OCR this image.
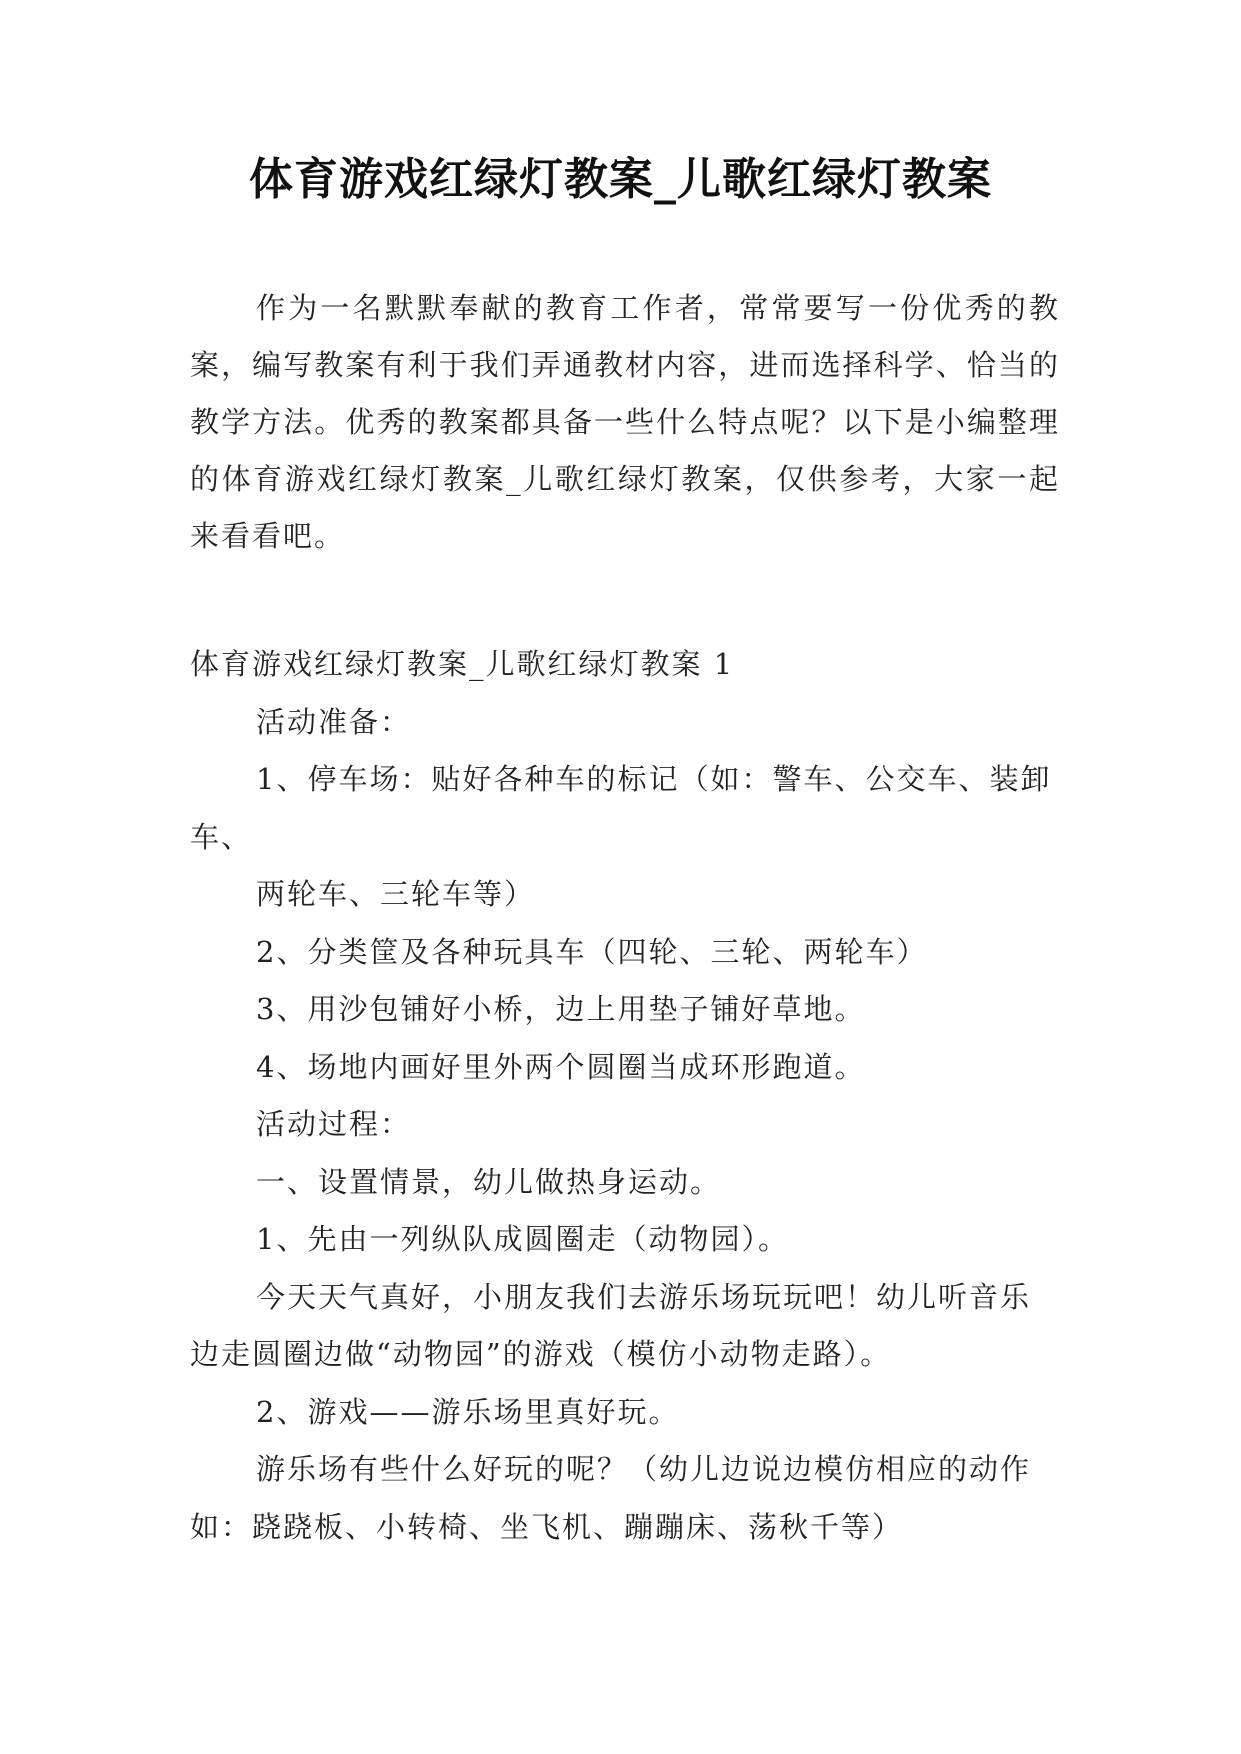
体育游戏红绿灯教案_儿歌红绿灯教案

作为一名默默奉献的教育工作者，常常要写一份优秀的教案，编写教案有利于我们弄通教材内容，进而选择科学、恰当的教学方法。优秀的教案都具备一些什么特点呢？以下是小编整理的体育游戏红绿灯教案_儿歌红绿灯教案，仅供参考，大家一起来看看吧。

体育游戏红绿灯教案_儿歌红绿灯教案 1

活动准备：

1、停车场：贴好各种车的标记（如：警车、公交车、装卸车、

两轮车、三轮车等）

2、分类筐及各种玩具车（四轮、三轮、两轮车）

3、用沙包铺好小桥，边上用垫子铺好草地。

4、场地内画好里外两个圆圈当成环形跑道。

活动过程：

一、设置情景，幼儿做热身运动。

1、先由一列纵队成圆圈走（动物园）。

今天天气真好，小朋友我们去游乐场玩玩吧！幼儿听音乐边走圆圈边做“动物园”的游戏（模仿小动物走路）。

2、游戏——游乐场里真好玩。

游乐场有些什么好玩的呢？（幼儿边说边模仿相应的动作如：跷跷板、小转椅、坐飞机、蹦蹦床、荡秋千等）
